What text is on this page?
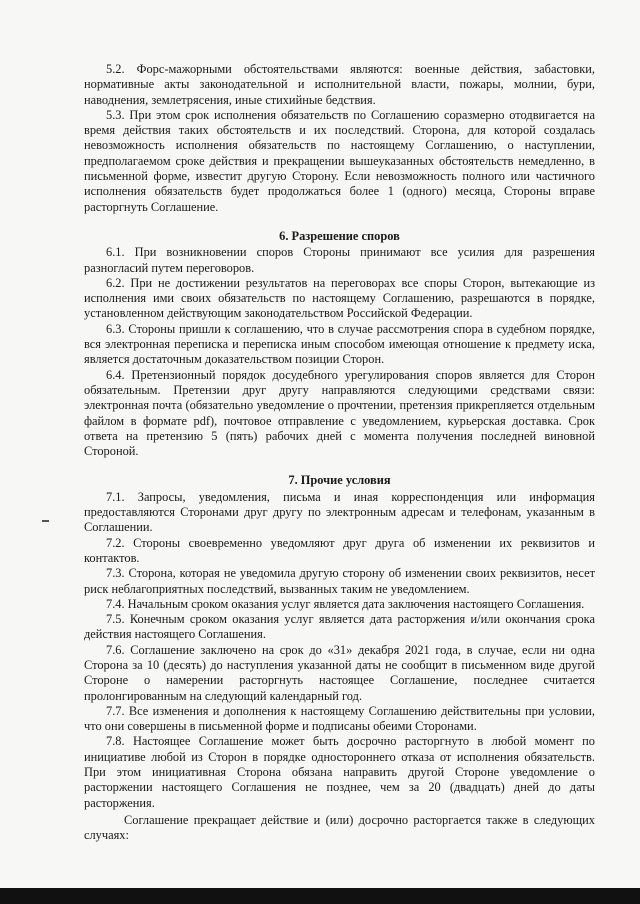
5.2. Форс-мажорными обстоятельствами являются: военные действия, забастовки, нормативные акты законодательной и исполнительной власти, пожары, молнии, бури, наводнения, землетрясения, иные стихийные бедствия.

5.3. При этом срок исполнения обязательств по Соглашению соразмерно отодвигается на время действия таких обстоятельств и их последствий. Сторона, для которой создалась невозможность исполнения обязательств по настоящему Соглашению, о наступлении, предполагаемом сроке действия и прекращении вышеуказанных обстоятельств немедленно, в письменной форме, известит другую Сторону. Если невозможность полного или частичного исполнения обязательств будет продолжаться более 1 (одного) месяца, Стороны вправе расторгнуть Соглашение.

6. Разрешение споров

6.1. При возникновении споров Стороны принимают все усилия для разрешения разногласий путем переговоров.

6.2. При не достижении результатов на переговорах все споры Сторон, вытекающие из исполнения ими своих обязательств по настоящему Соглашению, разрешаются в порядке, установленном действующим законодательством Российской Федерации.

6.3. Стороны пришли к соглашению, что в случае рассмотрения спора в судебном порядке, вся электронная переписка и переписка иным способом имеющая отношение к предмету иска, является достаточным доказательством позиции Сторон.

6.4. Претензионный порядок досудебного урегулирования споров является для Сторон обязательным. Претензии друг другу направляются следующими средствами связи: электронная почта (обязательно уведомление о прочтении, претензия прикрепляется отдельным файлом в формате pdf), почтовое отправление с уведомлением, курьерская доставка. Срок ответа на претензию 5 (пять) рабочих дней с момента получения последней виновной Стороной.

7. Прочие условия

7.1. Запросы, уведомления, письма и иная корреспонденция или информация предоставляются Сторонами друг другу по электронным адресам и телефонам, указанным в Соглашении.

7.2. Стороны своевременно уведомляют друг друга об изменении их реквизитов и контактов.

7.3. Сторона, которая не уведомила другую сторону об изменении своих реквизитов, несет риск неблагоприятных последствий, вызванных таким не уведомлением.

7.4. Начальным сроком оказания услуг является дата заключения настоящего Соглашения.

7.5. Конечным сроком оказания услуг является дата расторжения и/или окончания срока действия настоящего Соглашения.

7.6. Соглашение заключено на срок до «31» декабря 2021 года, в случае, если ни одна Сторона за 10 (десять) до наступления указанной даты не сообщит в письменном виде другой Стороне о намерении расторгнуть настоящее Соглашение, последнее считается пролонгированным на следующий календарный год.

7.7. Все изменения и дополнения к настоящему Соглашению действительны при условии, что они совершены в письменной форме и подписаны обеими Сторонами.

7.8. Настоящее Соглашение может быть досрочно расторгнуто в любой момент по инициативе любой из Сторон в порядке одностороннего отказа от исполнения обязательств. При этом инициативная Сторона обязана направить другой Стороне уведомление о расторжении настоящего Соглашения не позднее, чем за 20 (двадцать) дней до даты расторжения.

Соглашение прекращает действие и (или) досрочно расторгается также в следующих случаях:
